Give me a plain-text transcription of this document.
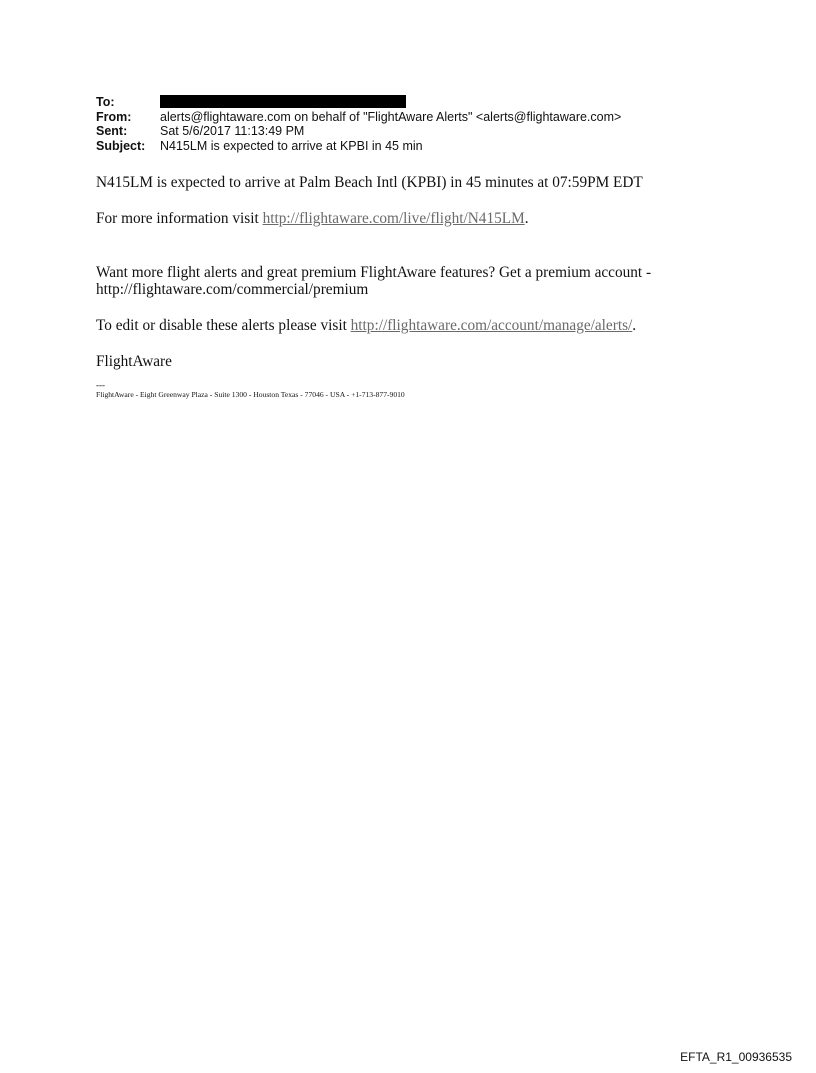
To:
From:	alerts@flightaware.com on behalf of "FlightAware Alerts" <alerts@flightaware.com>
Sent:	Sat 5/6/2017 11:13:49 PM
Subject:	N415LM is expected to arrive at KPBI in 45 min
N415LM is expected to arrive at Palm Beach Intl (KPBI) in 45 minutes at 07:59PM EDT
For more information visit http://flightaware.com/live/flight/N415LM.
Want more flight alerts and great premium FlightAware features? Get a premium account -
http://flightaware.com/commercial/premium
To edit or disable these alerts please visit http://flightaware.com/account/manage/alerts/.
FlightAware
---
FlightAware - Eight Greenway Plaza - Suite 1300 - Houston Texas - 77046 - USA - +1-713-877-9010
EFTA_R1_00936535
